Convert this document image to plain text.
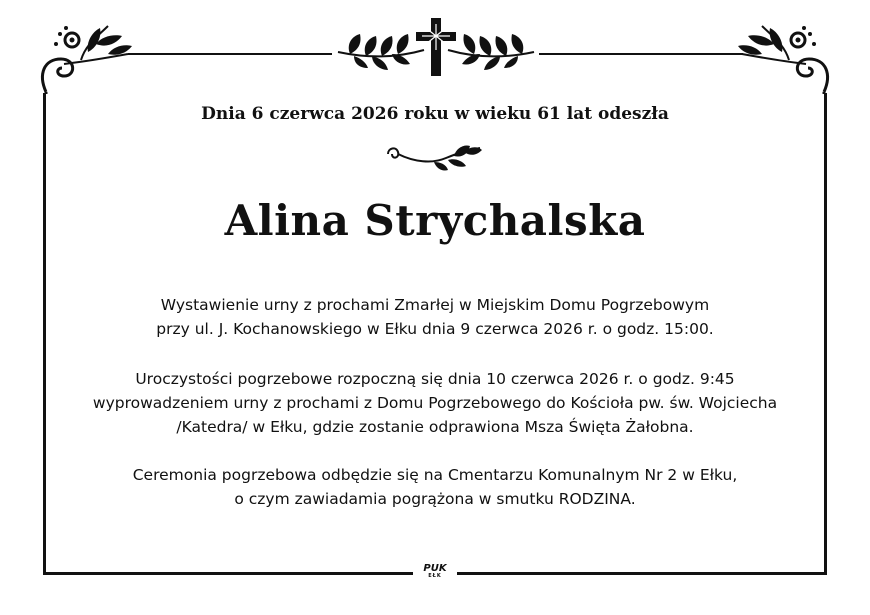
Dnia 6 czerwca 2026 roku w wieku 61 lat odeszła
Alina Strychalska
Wystawienie urny z prochami Zmarłej w Miejskim Domu Pogrzebowym
przy ul. J. Kochanowskiego w Ełku dnia 9 czerwca 2026 r. o godz. 15:00.
Uroczystości pogrzebowe rozpoczną się dnia 10 czerwca 2026 r. o godz. 9:45
wyprowadzeniem urny z prochami z Domu Pogrzebowego do Kościoła pw. św. Wojciecha
/Katedra/ w Ełku, gdzie zostanie odprawiona Msza Święta Żałobna.
Ceremonia pogrzebowa odbędzie się na Cmentarzu Komunalnym Nr 2 w Ełku,
o czym zawiadamia pogrążona w smutku RODZINA.
PUK
EŁK
